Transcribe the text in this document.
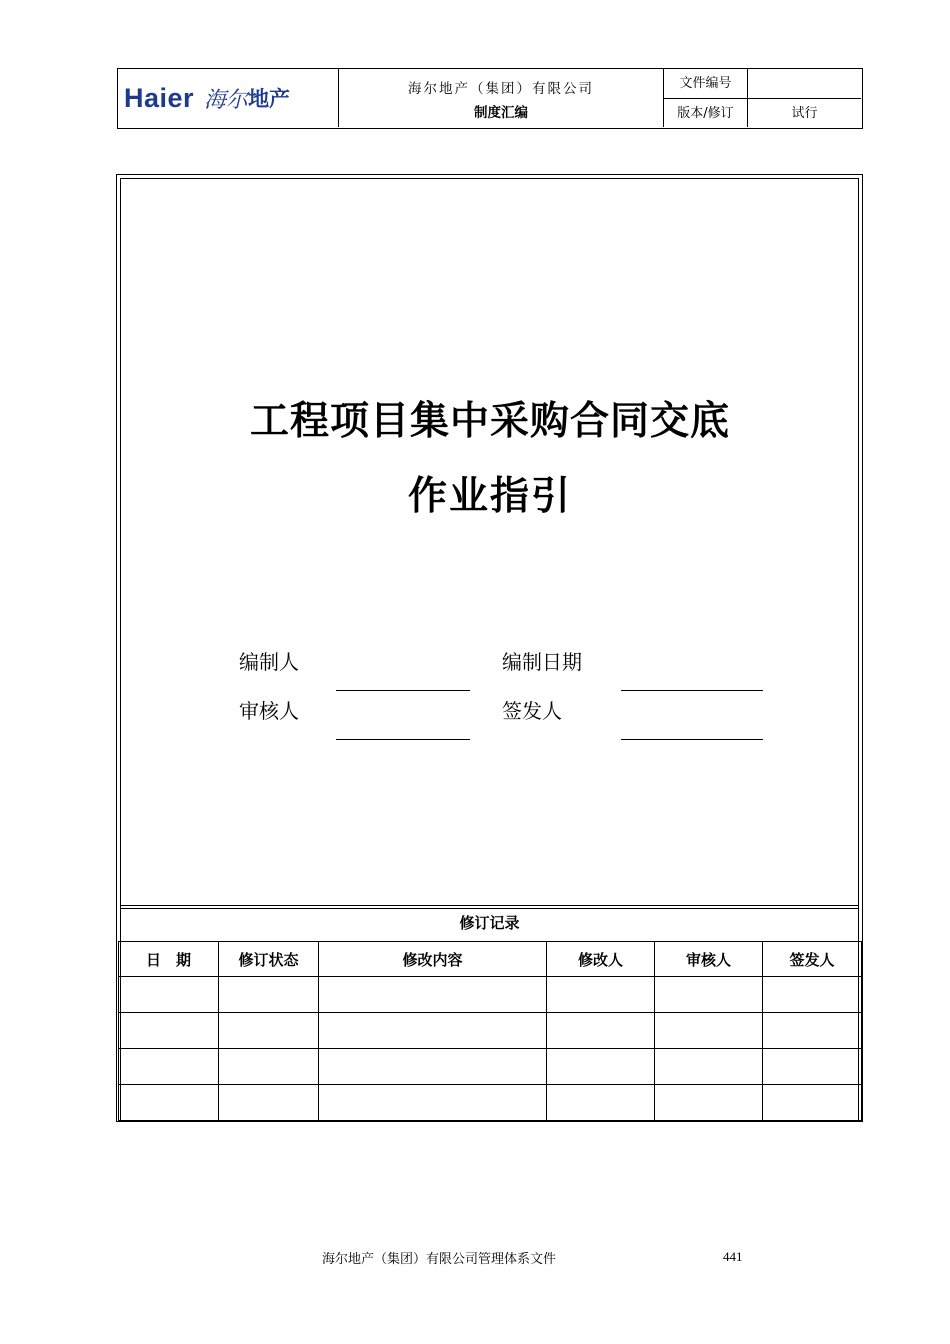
Haier 海尔 地产	海尔地产（集团）有限公司
制度汇编
文件编号
版本/修订	试行
工程项目集中采购合同交底
作业指引
编制人	编制日期
审核人	签发人
修订记录
日　期	修订状态	修改内容	修改人	审核人	签发人

海尔地产（集团）有限公司管理体系文件	441
